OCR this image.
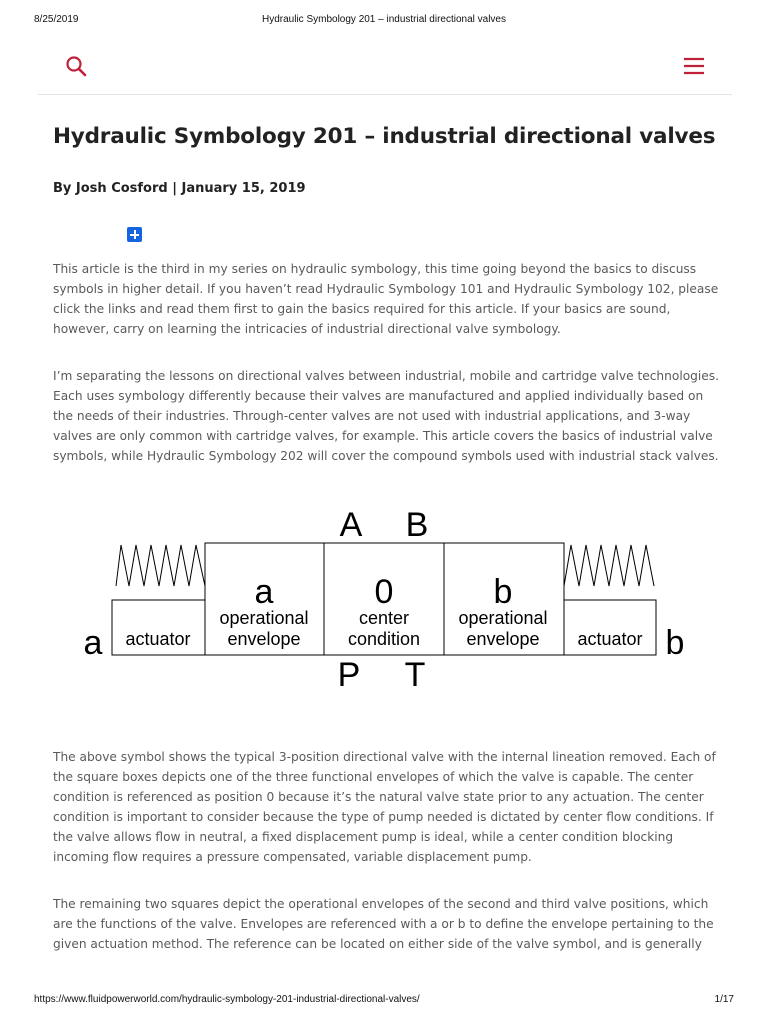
8/25/2019	Hydraulic Symbology 201 – industrial directional valves
Hydraulic Symbology 201 – industrial directional valves

By Josh Cosford | January 15, 2019

This article is the third in my series on hydraulic symbology, this time going beyond the basics to discuss symbols in higher detail. If you haven’t read Hydraulic Symbology 101 and Hydraulic Symbology 102, please click the links and read them first to gain the basics required for this article. If your basics are sound, however, carry on learning the intricacies of industrial directional valve symbology.

I’m separating the lessons on directional valves between industrial, mobile and cartridge valve technologies. Each uses symbology differently because their valves are manufactured and applied individually based on the needs of their industries. Through-center valves are not used with industrial applications, and 3-way valves are only common with cartridge valves, for example. This article covers the basics of industrial valve symbols, while Hydraulic Symbology 202 will cover the compound symbols used with industrial stack valves.

A B
P T
a	b
actuator	actuator
a
operational
envelope
0
center
condition
b
operational
envelope

The above symbol shows the typical 3-position directional valve with the internal lineation removed. Each of the square boxes depicts one of the three functional envelopes of which the valve is capable. The center condition is referenced as position 0 because it’s the natural valve state prior to any actuation. The center condition is important to consider because the type of pump needed is dictated by center flow conditions. If the valve allows flow in neutral, a fixed displacement pump is ideal, while a center condition blocking incoming flow requires a pressure compensated, variable displacement pump.

The remaining two squares depict the operational envelopes of the second and third valve positions, which are the functions of the valve. Envelopes are referenced with a or b to define the envelope pertaining to the given actuation method. The reference can be located on either side of the valve symbol, and is generally

https://www.fluidpowerworld.com/hydraulic-symbology-201-industrial-directional-valves/	1/17
